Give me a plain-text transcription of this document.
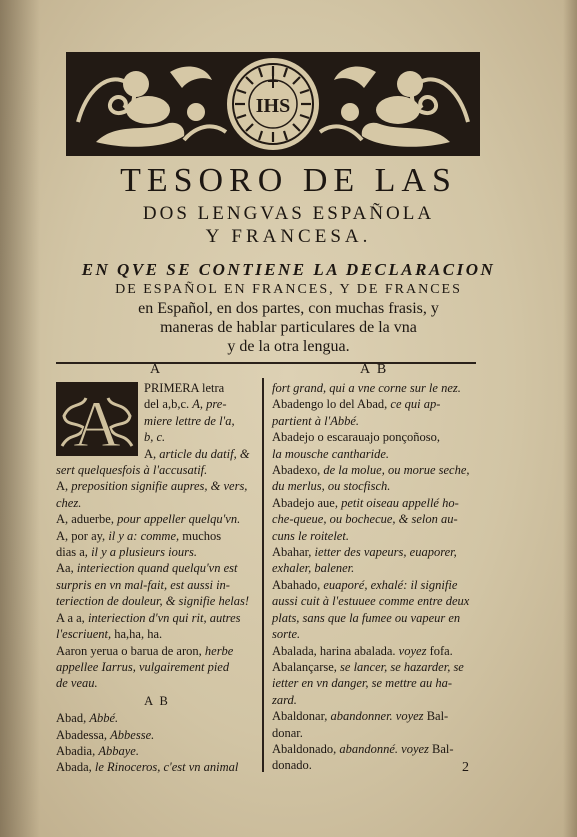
IHS
TESORO DE LAS
DOS LENGVAS ESPAÑOLA
Y FRANCESA.
EN QVE SE CONTIENE LA DECLARACION
DE ESPAÑOL EN FRANCES, Y DE FRANCES
en Español, en dos partes, con muchas frasis, y
maneras de hablar particulares de la vna
y de la otra lengua.
A	A B
A	PRIMERA letra
del a,b,c. A, pre-
miere lettre de l'a,
b, c.
A, article du datif, &
sert quelquesfois à l'accusatif.
A, preposition signifie aupres, & vers,
chez.
A, aduerbe, pour appeller quelqu'vn.
A, por ay, il y a: comme, muchos
dias a, il y a plusieurs iours.
Aa, interiection quand quelqu'vn est
surpris en vn mal-fait, est aussi in-
teriection de douleur, & signifie helas!
A a a, interiection d'vn qui rit, autres
l'escriuent, ha,ha, ha.
Aaron yerua o barua de aron, herbe
appellee Iarrus, vulgairement pied
de veau.
A B
Abad, Abbé.
Abadessa, Abbesse.
Abadia, Abbaye.
Abada, le Rinoceros, c'est vn animal
fort grand, qui a vne corne sur le nez.
Abadengo lo del Abad, ce qui ap-
partient à l'Abbé.
Abadejo o escarauajo ponçoñoso,
la mousche cantharide.
Abadexo, de la molue, ou morue seche,
du merlus, ou stocfisch.
Abadejo aue, petit oiseau appellé ho-
che-queue, ou bochecue, & selon au-
cuns le roitelet.
Abahar, ietter des vapeurs, euaporer,
exhaler, balener.
Abahado, euaporé, exhalé: il signifie
aussi cuit à l'estuuee comme entre deux
plats, sans que la fumee ou vapeur en
sorte.
Abalada, harina abalada. voyez fofa.
Abalançarse, se lancer, se hazarder, se
ietter en vn danger, se mettre au ha-
zard.
Abaldonar, abandonner. voyez Bal-
donar.
Abaldonado, abandonné. voyez Bal-
donado.	2
